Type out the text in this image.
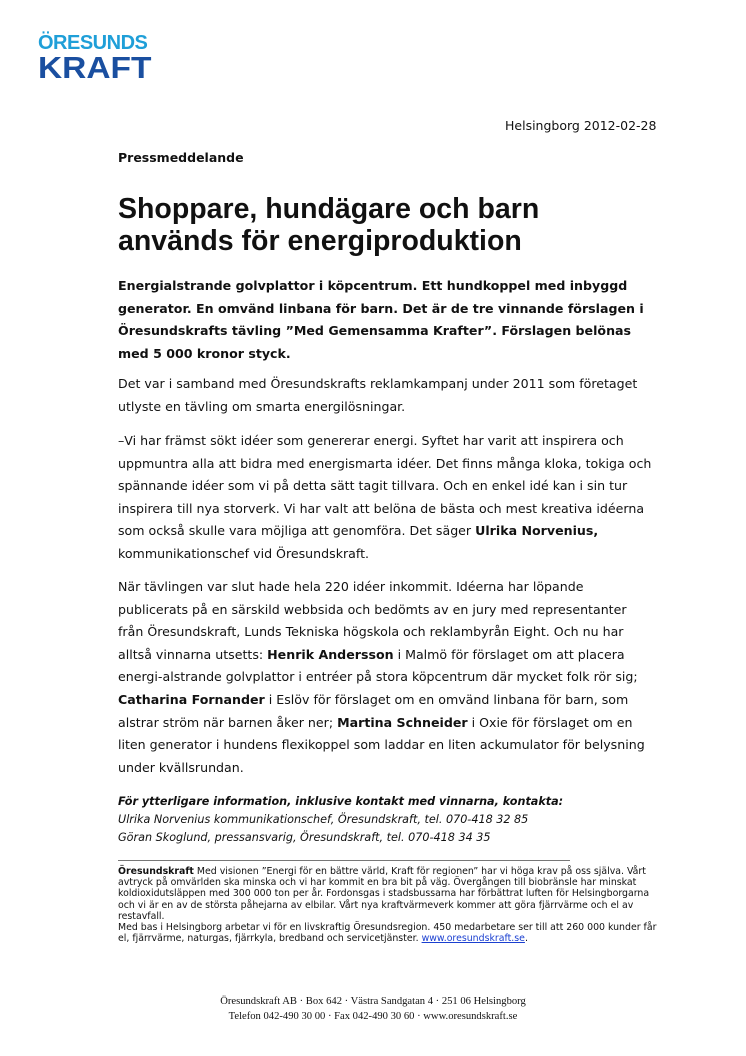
ÖRESUNDS
KRAFT
Helsingborg 2012-02-28
Pressmeddelande
Shoppare, hundägare och barn används för energiproduktion

Energialstrande golvplattor i köpcentrum. Ett hundkoppel med inbyggd generator. En omvänd linbana för barn. Det är de tre vinnande förslagen i Öresundskrafts tävling ”Med Gemensamma Krafter”. Förslagen belönas med 5 000 kronor styck.

Det var i samband med Öresundskrafts reklamkampanj under 2011 som företaget utlyste en tävling om smarta energilösningar.

–Vi har främst sökt idéer som genererar energi. Syftet har varit att inspirera och uppmuntra alla att bidra med energismarta idéer. Det finns många kloka, tokiga och spännande idéer som vi på detta sätt tagit tillvara. Och en enkel idé kan i sin tur inspirera till nya storverk. Vi har valt att belöna de bästa och mest kreativa idéerna som också skulle vara möjliga att genomföra. Det säger Ulrika Norvenius, kommunikationschef vid Öresundskraft.

När tävlingen var slut hade hela 220 idéer inkommit. Idéerna har löpande publicerats på en särskild webbsida och bedömts av en jury med representanter från Öresundskraft, Lunds Tekniska högskola och reklambyrån Eight. Och nu har alltså vinnarna utsetts: Henrik Andersson i Malmö för förslaget om att placera energi-alstrande golvplattor i entréer på stora köpcentrum där mycket folk rör sig; Catharina Fornander i Eslöv för förslaget om en omvänd linbana för barn, som alstrar ström när barnen åker ner; Martina Schneider i Oxie för förslaget om en liten generator i hundens flexikoppel som laddar en liten ackumulator för belysning under kvällsrundan.

För ytterligare information, inklusive kontakt med vinnarna, kontakta:
Ulrika Norvenius kommunikationschef, Öresundskraft, tel. 070-418 32 85
Göran Skoglund, pressansvarig, Öresundskraft, tel. 070-418 34 35
Öresundskraft Med visionen ”Energi för en bättre värld, Kraft för regionen” har vi höga krav på oss själva. Vårt avtryck på omvärlden ska minska och vi har kommit en bra bit på väg. Övergången till biobränsle har minskat koldioxidutsläppen med 300 000 ton per år. Fordonsgas i stadsbussarna har förbättrat luften för Helsingborgarna och vi är en av de största påhejarna av elbilar. Vårt nya kraftvärmeverk kommer att göra fjärrvärme och el av restavfall.
Med bas i Helsingborg arbetar vi för en livskraftig Öresundsregion. 450 medarbetare ser till att 260 000 kunder får el, fjärrvärme, naturgas, fjärrkyla, bredband och servicetjänster. www.oresundskraft.se.
Öresundskraft AB · Box 642 · Västra Sandgatan 4 · 251 06 Helsingborg
Telefon 042-490 30 00 · Fax 042-490 30 60 · www.oresundskraft.se
